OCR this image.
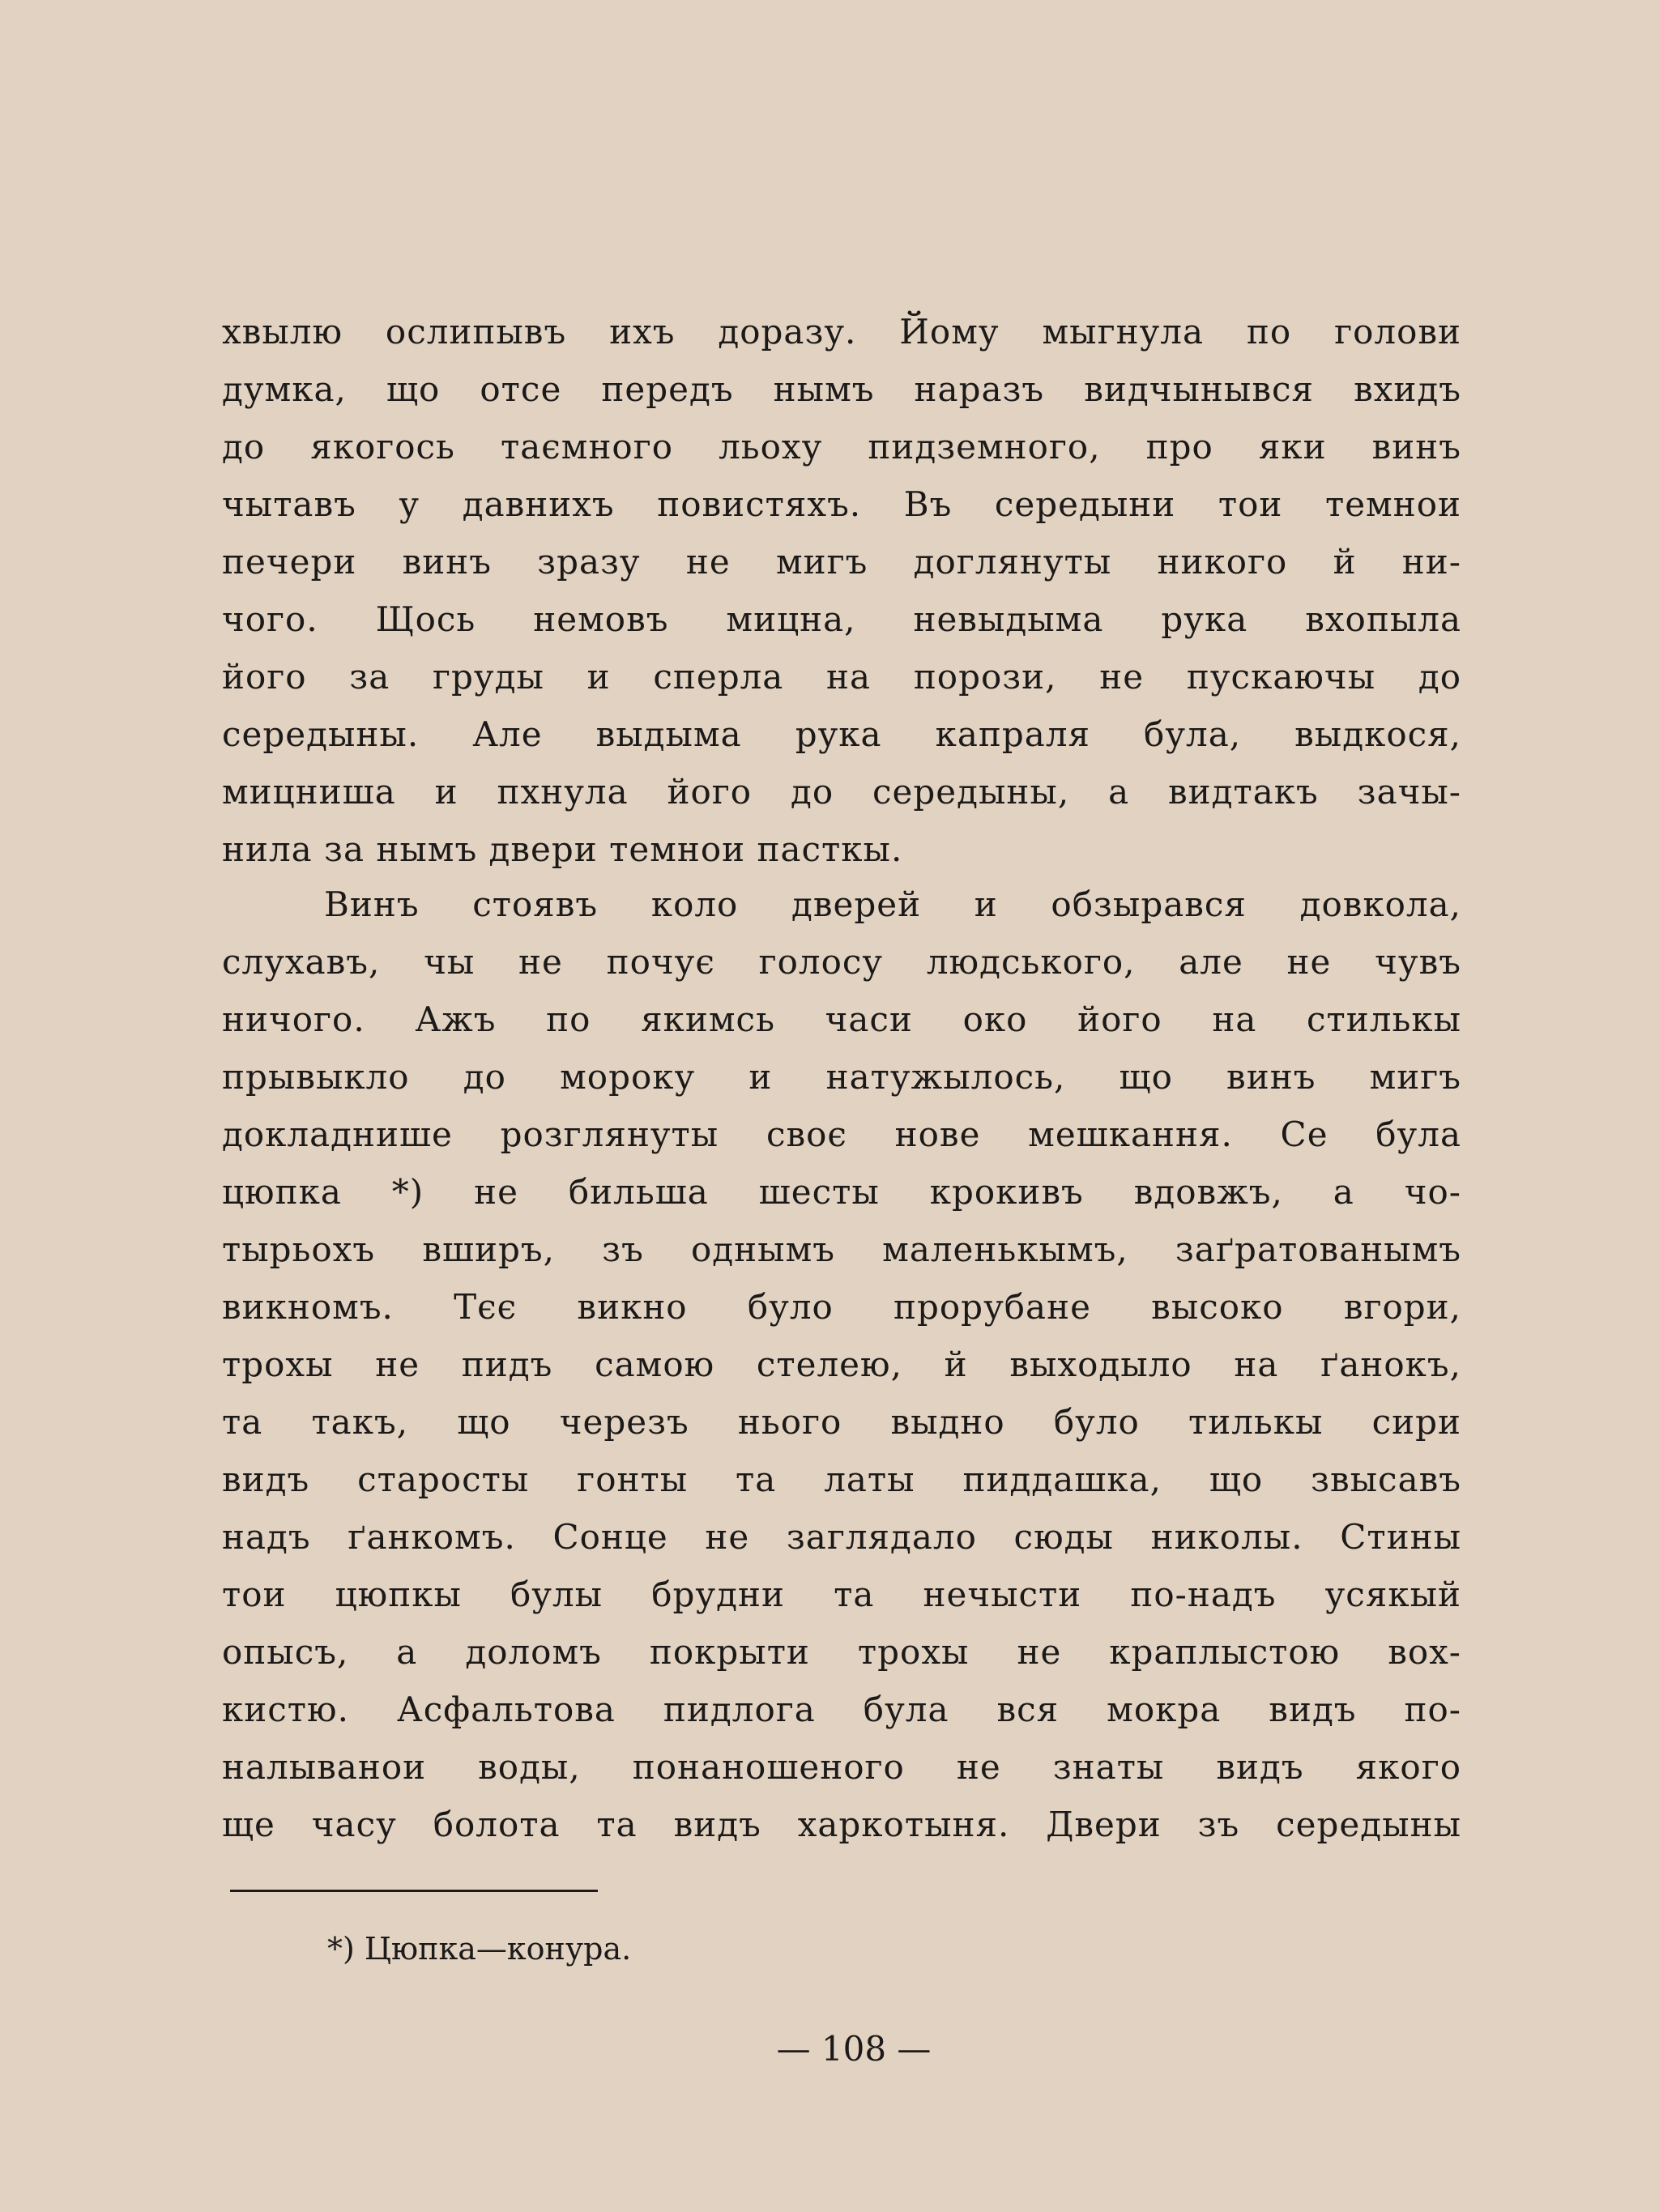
хвылю ослипывъ ихъ доразу. Йому мыгнула по голови
думка, що отсе передъ нымъ наразъ видчынывся вхидъ
до якогось таємного льоху пидземного, про яки винъ
чытавъ у давнихъ повистяхъ. Въ середыни тои темнои
печери винъ зразу не мигъ доглянуты никого й ни-
чого. Щось немовъ мицна, невыдыма рука вхопыла
його за груды и сперла на порози, не пускаючы до
середыны. Але выдыма рука капраля була, выдкося,
мицниша и пхнула його до середыны, а видтакъ зачы-
нила за нымъ двери темнои пасткы.
Винъ стоявъ коло дверей и обзырався довкола,
слухавъ, чы не почує голосу людського, але не чувъ
ничого. Ажъ по якимсь часи око його на стилькы
прывыкло до мороку и натужылось, що винъ мигъ
докладнише розглянуты своє нове мешкання. Се була
цюпка *) не бильша шесты крокивъ вдовжъ, а чо-
тырьохъ вширъ, зъ однымъ маленькымъ, заґратованымъ
викномъ. Тєє викно було прорубане высоко вгори,
трохы не пидъ самою стелею, й выходыло на ґанокъ,
та такъ, що черезъ нього выдно було тилькы сири
видъ старосты гонты та латы пиддашка, що звысавъ
надъ ґанкомъ. Сонце не заглядало сюды николы. Стины
тои цюпкы булы брудни та нечысти по-надъ усякый
опысъ, а доломъ покрыти трохы не краплыстою вох-
кистю. Асфальтова пидлога була вся мокра видъ по-
налыванои воды, понаношеного не знаты видъ якого
ще часу болота та видъ харкотыня. Двери зъ середыны
*) Цюпка—конура.
— 108 —
